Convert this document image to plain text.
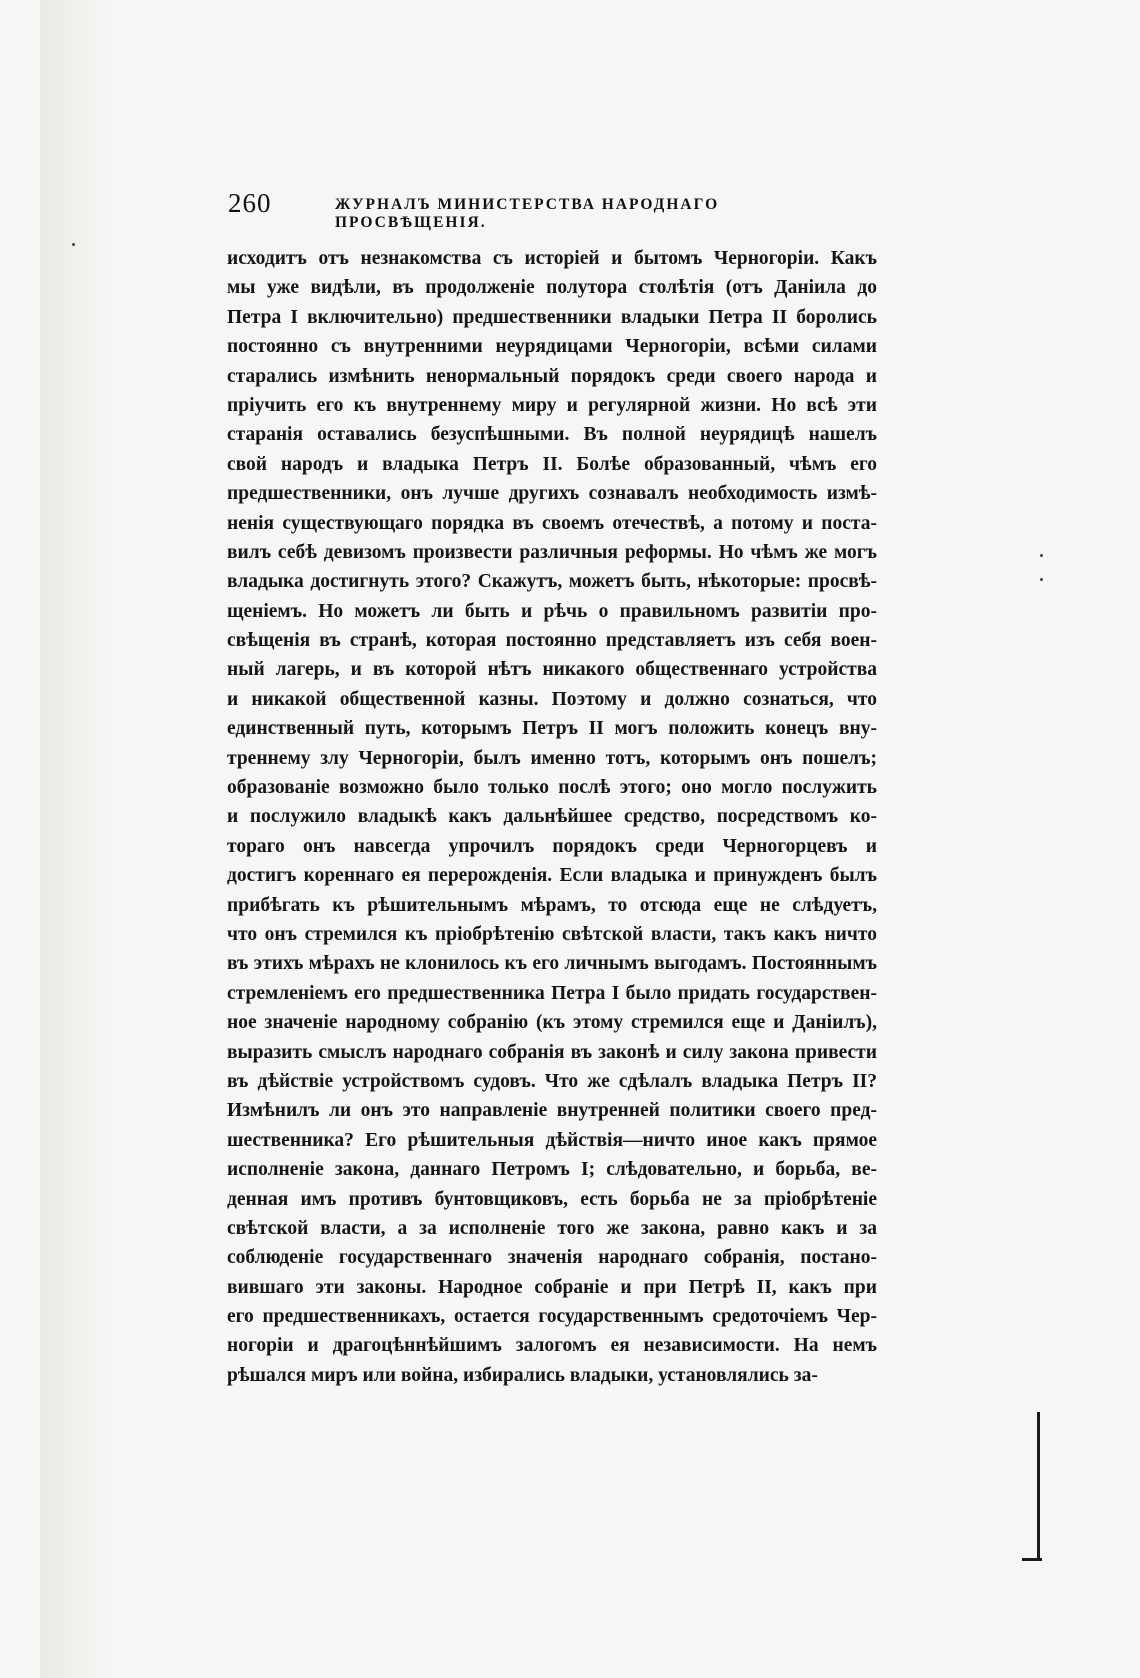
260	ЖУРНАЛЪ МИНИСТЕРСТВА НАРОДНАГО ПРОСВѢЩЕНІЯ.
исходитъ отъ незнакомства съ исторіей и бытомъ Черногоріи. Какъ
мы уже видѣли, въ продолженіе полутора столѣтія (отъ Даніила до
Петра I включительно) предшественники владыки Петра II боролись
постоянно съ внутренними неурядицами Черногоріи, всѣми силами
старались измѣнить ненормальный порядокъ среди своего народа и
пріучить его къ внутреннему миру и регулярной жизни. Но всѣ эти
старанія оставались безуспѣшными. Въ полной неурядицѣ нашелъ
свой народъ и владыка Петръ II. Болѣе образованный, чѣмъ его
предшественники, онъ лучше другихъ сознавалъ необходимость измѣ-
ненія существующаго порядка въ своемъ отечествѣ, а потому и поста-
вилъ себѣ девизомъ произвести различныя реформы. Но чѣмъ же могъ
владыка достигнуть этого? Скажутъ, можетъ быть, нѣкоторые: просвѣ-
щеніемъ. Но можетъ ли быть и рѣчь о правильномъ развитіи про-
свѣщенія въ странѣ, которая постоянно представляетъ изъ себя воен-
ный лагерь, и въ которой нѣтъ никакого общественнаго устройства
и никакой общественной казны. Поэтому и должно сознаться, что
единственный путь, которымъ Петръ II могъ положить конецъ вну-
треннему злу Черногоріи, былъ именно тотъ, которымъ онъ пошелъ;
образованіе возможно было только послѣ этого; оно могло послужить
и послужило владыкѣ какъ дальнѣйшее средство, посредствомъ ко-
тораго онъ навсегда упрочилъ порядокъ среди Черногорцевъ и
достигъ кореннаго ея перерожденія. Если владыка и принужденъ былъ
прибѣгать къ рѣшительнымъ мѣрамъ, то отсюда еще не слѣдуетъ,
что онъ стремился къ пріобрѣтенію свѣтской власти, такъ какъ ничто
въ этихъ мѣрахъ не клонилось къ его личнымъ выгодамъ. Постояннымъ
стремленіемъ его предшественника Петра I было придать государствен-
ное значеніе народному собранію (къ этому стремился еще и Даніилъ),
выразить смыслъ народнаго собранія въ законѣ и силу закона привести
въ дѣйствіе устройствомъ судовъ. Что же сдѣлалъ владыка Петръ II?
Измѣнилъ ли онъ это направленіе внутренней политики своего пред-
шественника? Его рѣшительныя дѣйствія—ничто иное какъ прямое
исполненіе закона, даннаго Петромъ I; слѣдовательно, и борьба, ве-
денная имъ противъ бунтовщиковъ, есть борьба не за пріобрѣтеніе
свѣтской власти, а за исполненіе того же закона, равно какъ и за
соблюденіе государственнаго значенія народнаго собранія, постано-
вившаго эти законы. Народное собраніе и при Петрѣ II, какъ при
его предшественникахъ, остается государственнымъ средоточіемъ Чер-
ногоріи и драгоцѣннѣйшимъ залогомъ ея независимости. На немъ
рѣшался миръ или война, избирались владыки, установлялись за-
